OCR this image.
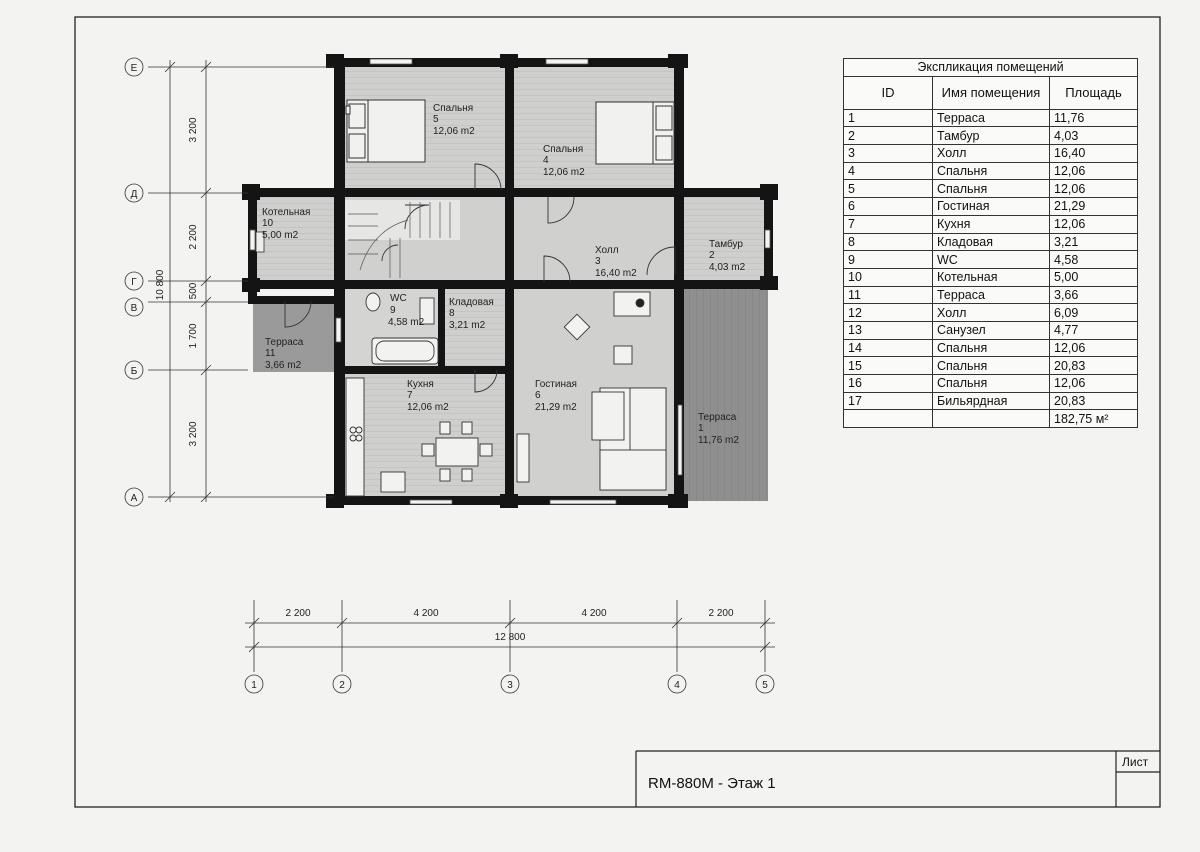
Е
Д
Г
В
Б
А
1	2	3	4	5
3 200
2 200
500
1 700
3 200
10 800
2 200	4 200	4 200	2 200
12 800
Спальня
5
12,06 m2
Спальня
4
12,06 m2
Котельная
10
5,00 m2
Холл
3
16,40 m2
Тамбур
2
4,03 m2
WC
9
4,58 m2
Кладовая
8
3,21 m2
Терраса
11
3,66 m2
Кухня
7
12,06 m2
Гостиная
6
21,29 m2
Терраса
1
11,76 m2
Экспликация помещений		
ID	Имя помещения	Площадь
1	Терраса	11,76
2	Тамбур	4,03
3	Холл	16,40
4	Спальня	12,06
5	Спальня	12,06
6	Гостиная	21,29
7	Кухня	12,06
8	Кладовая	3,21
9	WC	4,58
10	Котельная	5,00
11	Терраса	3,66
12	Холл	6,09
13	Санузел	4,77
14	Спальня	12,06
15	Спальня	20,83
16	Спальня	12,06
17	Бильярдная	20,83
		182,75 м²
RM-880M - Этаж 1
Лист
